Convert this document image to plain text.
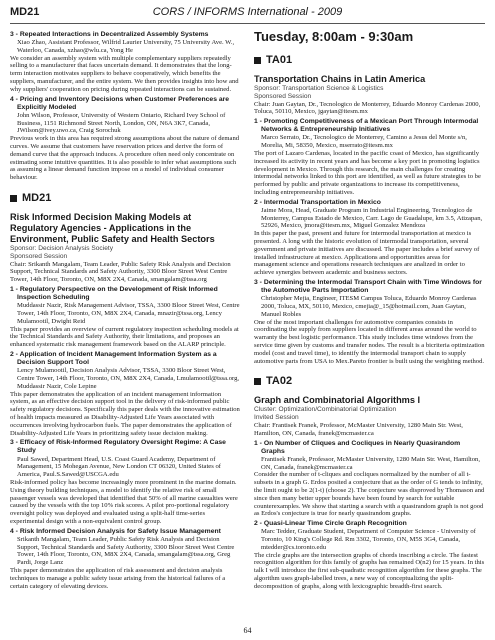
MD21	CORS / INFORMS International - 2009

3 - Repeated Interactions in Decentralized Assembly Systems

Xiao Zhao, Assistant Professor, Wilfrid Laurier University, 75 University Ave. W., Waterloo, Canada, xzhao@wlu.ca, Yong He

We consider an assembly system with multiple complementary suppliers repeatedly selling to a manufacturer that faces uncertain demand. It demonstrates that the long-term interaction motivates suppliers to behave cooperatively, which benefits the suppliers, manufacturer, and the entire system. We then provides insights into how and why suppliers' cooperation on pricing during repeated interactions can be sustained.

4 - Pricing and Inventory Decisions when Customer Preferences are Explicitly Modeled

John Wilson, Professor, University of Western Ontario, Richard Ivey School of Business, 1151 Richmond Street North, London, ON, N6A 3K7, Canada, JWilson@ivey.uwo.ca, Craig Sorochuk

Previous work in this area has required strong assumptions about the nature of demand curves. We assume that customers have reservation prices and derive the form of demand curve that the approach induces. A procedure often need only concentrate on estimating some intuitive quantities. It is also possible to infer what assumptions such as assuming a linear demand function impose on a model of individual consumer behaviour.

MD21
Risk Informed Decision Making Models at Regulatory Agencies - Applications in the Environment, Public Safety and Health Sectors
Sponsor: Decision Analysis Society
Sponsored Session
Chair: Srikanth Mangalam, Team Leader, Public Safety Risk Analysis and Decision Support, Technical Standards and Safety Authority, 3300 Bloor Street West Centre Tower, 14th Floor, Toronto, ON, M8X 2X4, Canada, smangalam@tssa.org

1 - Regulatory Perspective on the Development of Risk Informed Inspection Scheduling

Muddassir Nazir, Risk Management Advisor, TSSA, 3300 Bloor Street West, Centre Tower, 14th Floor, Toronto, ON, M8X 2X4, Canada, mnazir@tssa.org, Lency Mulamootil, Dwight Reid

This paper provides an overview of current regulatory inspection scheduling models at the Technical Standards and Safety Authority, their limitations, and proposes an enhanced systematic risk management framework based on the ALARP principle.

2 - Application of Incident Management Information System as a Decision Support Tool

Lency Mulamootil, Decision Analysis Advisor, TSSA, 3300 Bloor Street West, Centre Tower, 14th Floor, Toronto, ON, M8X 2X4, Canada, Lmulamootil@tssa.org, Muddassir Nazir, Cole Lepine

This paper demonstrates the application of an incident management information system, as an effective decision support tool in the delivery of risk-informed public safety regulatory decisions. Specifically this paper deals with the innovative estimation of health impacts measured as Disability-Adjusted Life Years associated with occurrences involving hydrocarbon fuels. The paper demonstrates the application of Disability-Adjusted Life Years in prioritizing safety issue decision making.

3 - Efficacy of Risk-Informed Regulatory Oversight Regime: A Case Study

Paul Sawed, Department Head, U.S. Coast Guard Academy, Department of Management, 15 Mohegan Avenue, New London CT 06320, United States of America, Paul.S.Sawed@USCGA.edu

Risk-informed policy has become increasingly more prominent in the marine domain. Using theory building techniques, a model to identify the relative risk of small passenger vessels was developed that identified that 50% of all marine casualties were caused by the vessels with the top 10% risk scores. A pilot pro-portional regulatory oversight policy was deployed and evaluated using a split-half time-series experimental design with a non-equivalent control group.

4 - Risk Informed Decision Analysis for Safety Issue Management

Srikanth Mangalam, Team Leader, Public Safety Risk Analysis and Decision Support, Technical Standards and Safety Authority, 3300 Bloor Street West Centre Tower, 14th Floor, Toronto, ON, M8X 2X4, Canada, smangalam@tssa.org, Greg Pardi, Jorge Lanz

This paper demonstrates the application of risk assessment and decision analysis techniques to manage a public safety issue arising from the historical failures of a certain category of elevating devices.

Tuesday, 8:00am - 9:30am
TA01
Transportation Chains in Latin America
Sponsor: Transportation Science & Logistics
Sponsored Session
Chair: Juan Gaytan, Dr., Tecnologico de Monterrey, Eduardo Monroy Cardenas 2000, Toluca, 50110, Mexico, jgaytan@itesm.mx

1 - Promoting Competitiveness of a Mexican Port Through Intermodal Networks & Entrepreneurship Initiatives

Marco Serrato, Dr., Tecnologico de Monterrey, Camino a Jesus del Monte s/n, Morelia, Mi, 58350, Mexico, mserrato@itesm.mx

The port of Lazaro Cardenas, located in the pacific coast of Mexico, has significantly increased its activity in recent years and has become a key port in promoting logistics development in Mexico. Through this research, the main challenges for creating intermodal networks linked to this port are identified, as well as future strategies to be performed by public and private organizations to increase its competitiveness, including entrepreneurship initiatives.

2 - Intermodal Transportation in Mexico

Jaime Mora, Head, Graduate Program in Industrial Engineering, Tecnologico de Monterrey, Campus Estado de Mexico, Carr. Lago de Guadalupe, km 3.5, Atizapan, 52926, Mexico, jmora@itesm.mx, Miguel Gonzalez Mendoza

In this paper the past, present and future for intermodal transportation at mexico is presented. A long with the historic evolution of intermodal transportation, several government and private initiatives are discussed. The paper includes a brief survey of installed infrastructure at mexico. Applications and opportunities areas for management science and operations research techniques are analized in order to achieve synergies between academic and business sectors.

3 - Determining the Intermodal Transport Chain with Time Windows for the Automotive Parts Importation

Christopher Mejia, Engineer, ITESM Campus Toluca, Eduardo Monroy Cardenas 2000, Toluca, MX, 50110, Mexico, cmejia@_15@hotmail.com, Juan Gaytan, Manuel Robles

One of the most important challenges for automotive companies consists in coordinating the supply from suppliers located in different areas around the world to warranty the best logistic performance. This study includes time windows from the service time given by customs and transfer nodes. The result is a bicriteria optimization model (cost and travel time), to identify the intermodal transport chain to supply automotive parts from USA to Mex.Pareto frontier is built using the weighting method.

TA02
Graph and Combinatorial Algorithms I
Cluster: Optimization/Combinatorial Optimization
Invited Session
Chair: Frantisek Franek, Professor, McMaster University, 1280 Main Str. West, Hamilton, ON, Canada, franek@mcmaster.ca

1 - On Number of Cliques and Cocliques in Nearly Quasirandom Graphs

Frantisek Franek, Professor, McMaster University, 1280 Main Str. West, Hamilton, ON, Canada, franek@mcmaster.ca

Consider the number of t-cliques and cocliques normalized by the number of all t-subsets in a graph G. Erdos posited a conjecture that as the order of G tends to infinity, the limit ought to be 2(1-t) (choose 2). The conjecture was disproved by Thomason and since then many better upper bounds have been found by search for suitable counterexamples. We show that starting a search with a quasirandom graph is not good as Erdos's conjecture is true for nearly quasirandom graphs.

2 - Quasi-Linear Time Circle Graph Recognition

Marc Tedder, Graduate Student, Department of Computer Science - University of Toronto, 10 King's College Rd. Rm 3302, Toronto, ON, M5S 3G4, Canada, mtedder@cs.toronto.edu

The circle graphs are the intersection graphs of chords inscribing a circle. The fastest recognition algorithm for this family of graphs has remained O(n2) for 15 years. In this talk I will introduce the first sub-quadratic recognition algorithm for these graphs. The algorithm uses graph-labelled trees, a new way of conceptualizing the split-decomposition of graphs, along with lexicographic breadth-first search.

64
